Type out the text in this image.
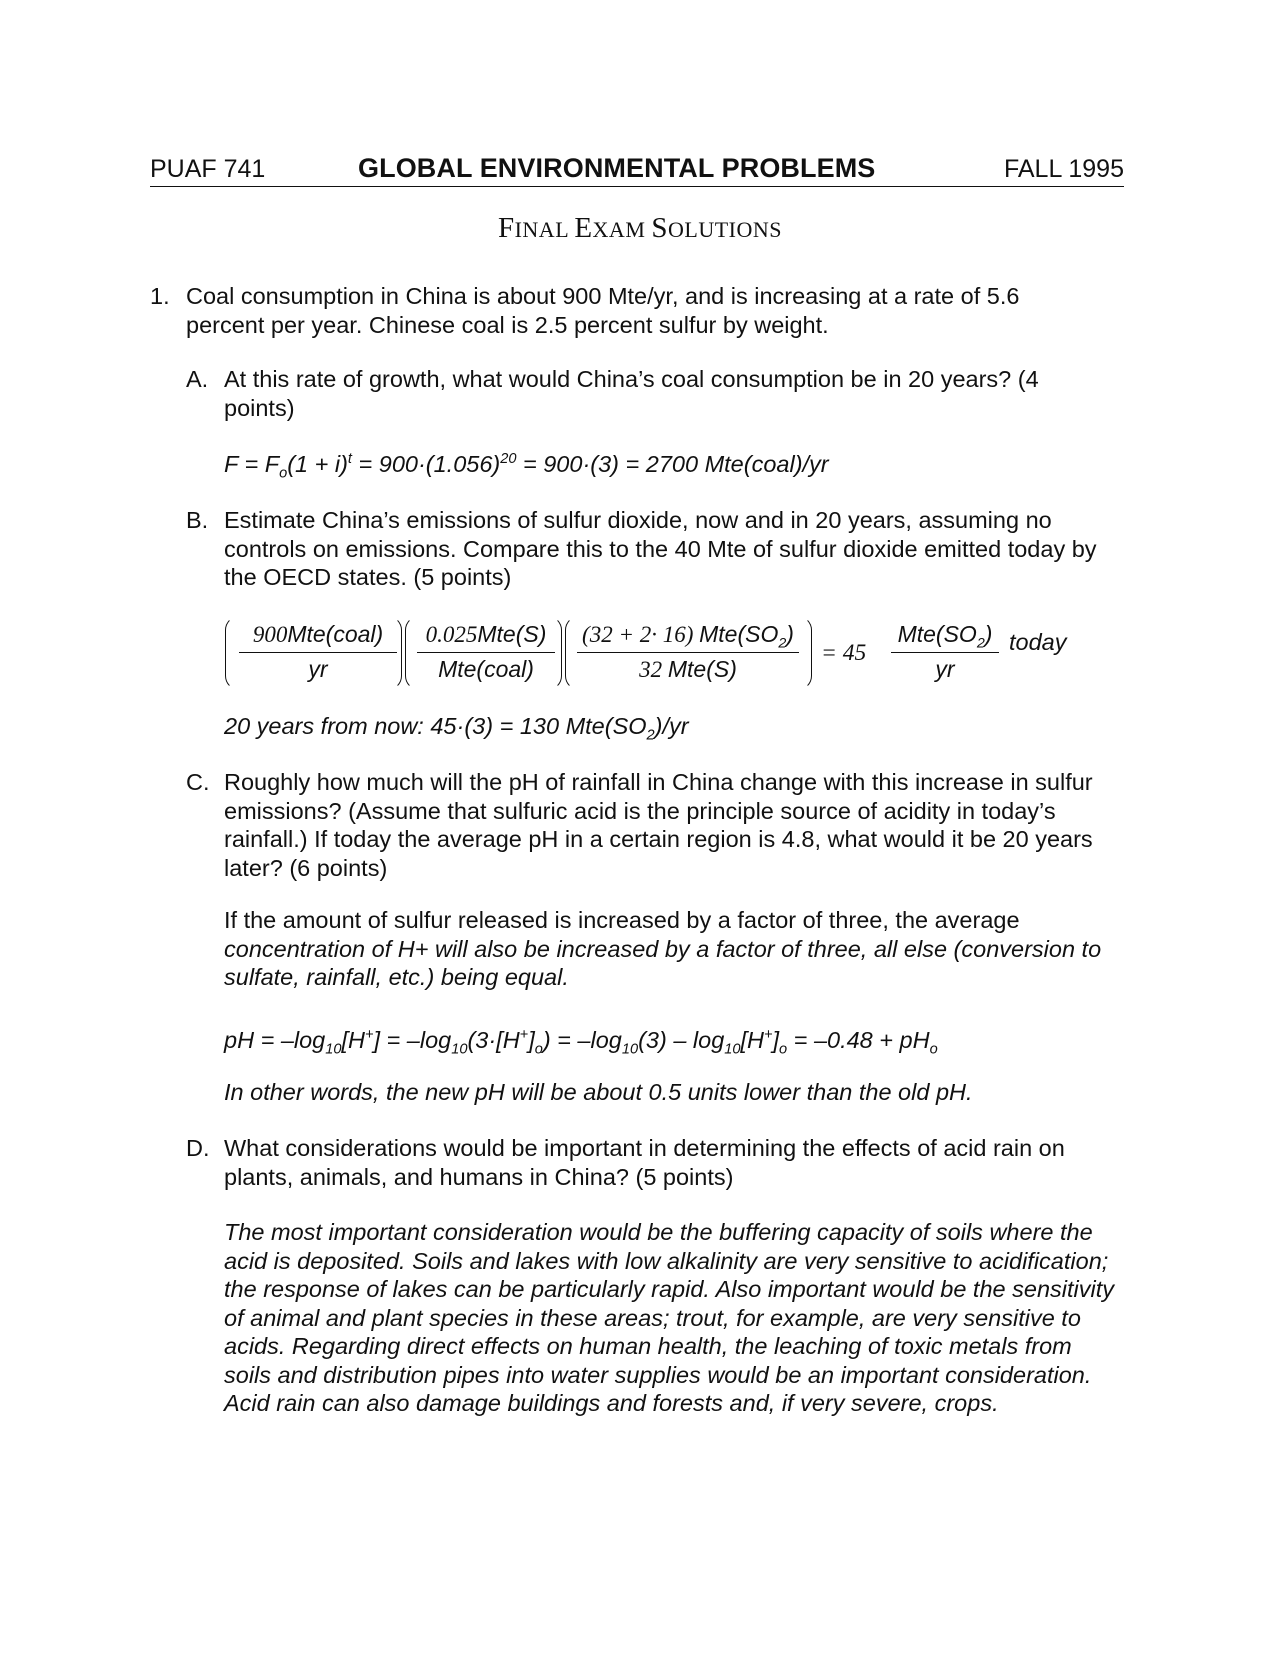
PUAF 741	GLOBAL ENVIRONMENTAL PROBLEMS	FALL 1995
FINAL EXAM SOLUTIONS
1. Coal consumption in China is about 900 Mte/yr, and is increasing at a rate of 5.6 percent per year. Chinese coal is 2.5 percent sulfur by weight.
A. At this rate of growth, what would China’s coal consumption be in 20 years? (4 points)
$F = F_o(1 + i)^t = 900\cdot(1.056)^{20} = 900\cdot(3) = 2700$ Mte(coal)/yr
B. Estimate China’s emissions of sulfur dioxide, now and in 20 years, assuming no controls on emissions. Compare this to the 40 Mte of sulfur dioxide emitted today by the OECD states. (5 points)
900Mte(coal)
yr
0.025Mte(S)
Mte(coal)
(32 + 2· 16) $Mte(SO_2)$
32 Mte(S)
= 45
$Mte(SO_2)$
yr
today
20 years from now: 45·(3) = 130 $Mte(SO_2)/yr$
C. Roughly how much will the pH of rainfall in China change with this increase in sulfur emissions? (Assume that sulfuric acid is the principle source of acidity in today’s rainfall.) If today the average pH in a certain region is 4.8, what would it be 20 years later? (6 points)
If the amount of sulfur released is increased by a factor of three, the average concentration of H+ will also be increased by a factor of three, all else (conversion to sulfate, rainfall, etc.) being equal.
pH = $-\log_{10}[H^+] = -\log_{10}(3\cdot[H^+]_o) = -\log_{10}(3) - \log_{10}[H^+]_o = -0.48 + pH_o$
In other words, the new pH will be about 0.5 units lower than the old pH.
D. What considerations would be important in determining the effects of acid rain on plants, animals, and humans in China? (5 points)
The most important consideration would be the buffering capacity of soils where the acid is deposited. Soils and lakes with low alkalinity are very sensitive to acidification; the response of lakes can be particularly rapid. Also important would be the sensitivity of animal and plant species in these areas; trout, for example, are very sensitive to acids. Regarding direct effects on human health, the leaching of toxic metals from soils and distribution pipes into water supplies would be an important consideration. Acid rain can also damage buildings and forests and, if very severe, crops.
